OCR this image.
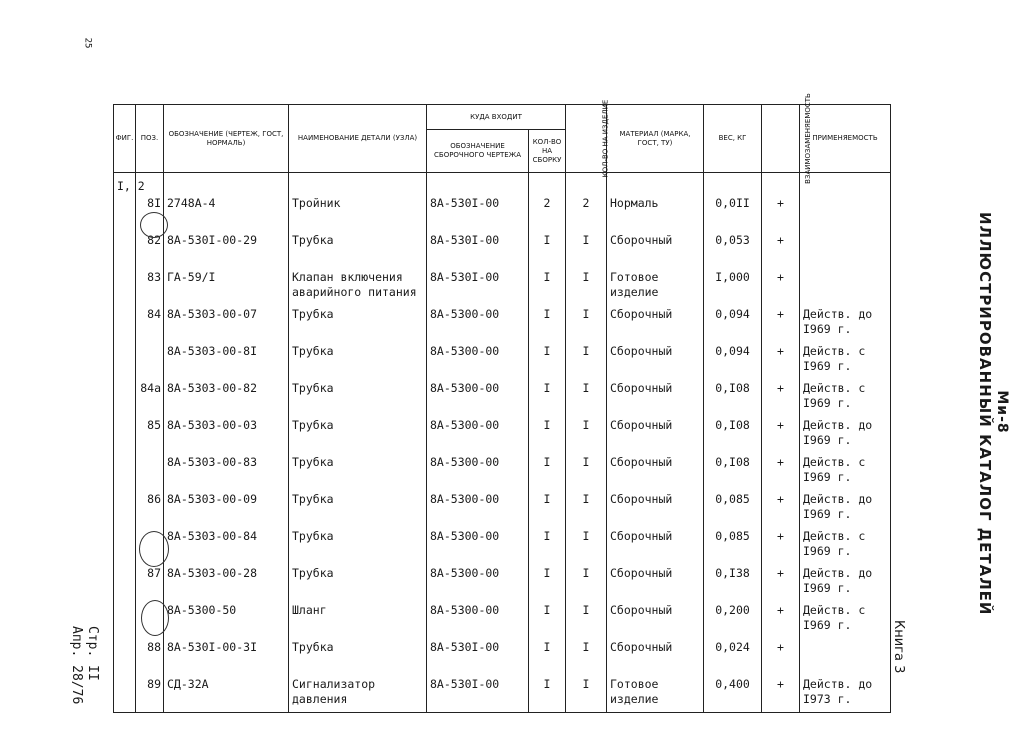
25
ФИГ.	ПОЗ.	ОБОЗНАЧЕНИЕ (ЧЕРТЕЖ, ГОСТ, НОРМАЛЬ)	НАИМЕНОВАНИЕ ДЕТАЛИ (УЗЛА)	КУДА ВХОДИТ		КОЛ-ВО НА ИЗДЕЛИЕ	МАТЕРИАЛ (МАРКА, ГОСТ, ТУ)	ВЕС, КГ	ВЗАИМОЗАМЕНЯЕМОСТЬ	ПРИМЕНЯЕМОСТЬ
				ОБОЗНАЧЕНИЕ СБОРОЧНОГО ЧЕРТЕЖА	КОЛ-ВО НА СБОРКУ					
I, 2										
	8I	2748А-4	Тройник	8А-530I-00	2	2	Нормаль	0,0II	+	
	82	8А-530I-00-29	Трубка	8А-530I-00	I	I	Сборочный	0,053	+	
	83	ГА-59/I	Клапан включения аварийного питания	8А-530I-00	I	I	Готовое изделие	I,000	+	
	84	8А-5303-00-07	Трубка	8А-5300-00	I	I	Сборочный	0,094	+	Действ. до I969 г.
		8А-5303-00-8I	Трубка	8А-5300-00	I	I	Сборочный	0,094	+	Действ. с I969 г.
	84а	8А-5303-00-82	Трубка	8А-5300-00	I	I	Сборочный	0,I08	+	Действ. с I969 г.
	85	8А-5303-00-03	Трубка	8А-5300-00	I	I	Сборочный	0,I08	+	Действ. до I969 г.
		8А-5303-00-83	Трубка	8А-5300-00	I	I	Сборочный	0,I08	+	Действ. с I969 г.
	86	8А-5303-00-09	Трубка	8А-5300-00	I	I	Сборочный	0,085	+	Действ. до I969 г.
		8А-5303-00-84	Трубка	8А-5300-00	I	I	Сборочный	0,085	+	Действ. с I969 г.
	87	8А-5303-00-28	Трубка	8А-5300-00	I	I	Сборочный	0,I38	+	Действ. до I969 г.
		8А-5300-50	Шланг	8А-5300-00	I	I	Сборочный	0,200	+	Действ. с I969 г.
	88	8А-530I-00-3I	Трубка	8А-530I-00	I	I	Сборочный	0,024	+	
	89	СД-32А	Сигнализатор давления	8А-530I-00	I	I	Готовое изделие	0,400	+	Действ. до I973 г.
Ми-8
ИЛЛЮСТРИРОВАННЫЙ КАТАЛОГ ДЕТАЛЕЙ
Книга 3
Стр. II
Апр. 28/76
